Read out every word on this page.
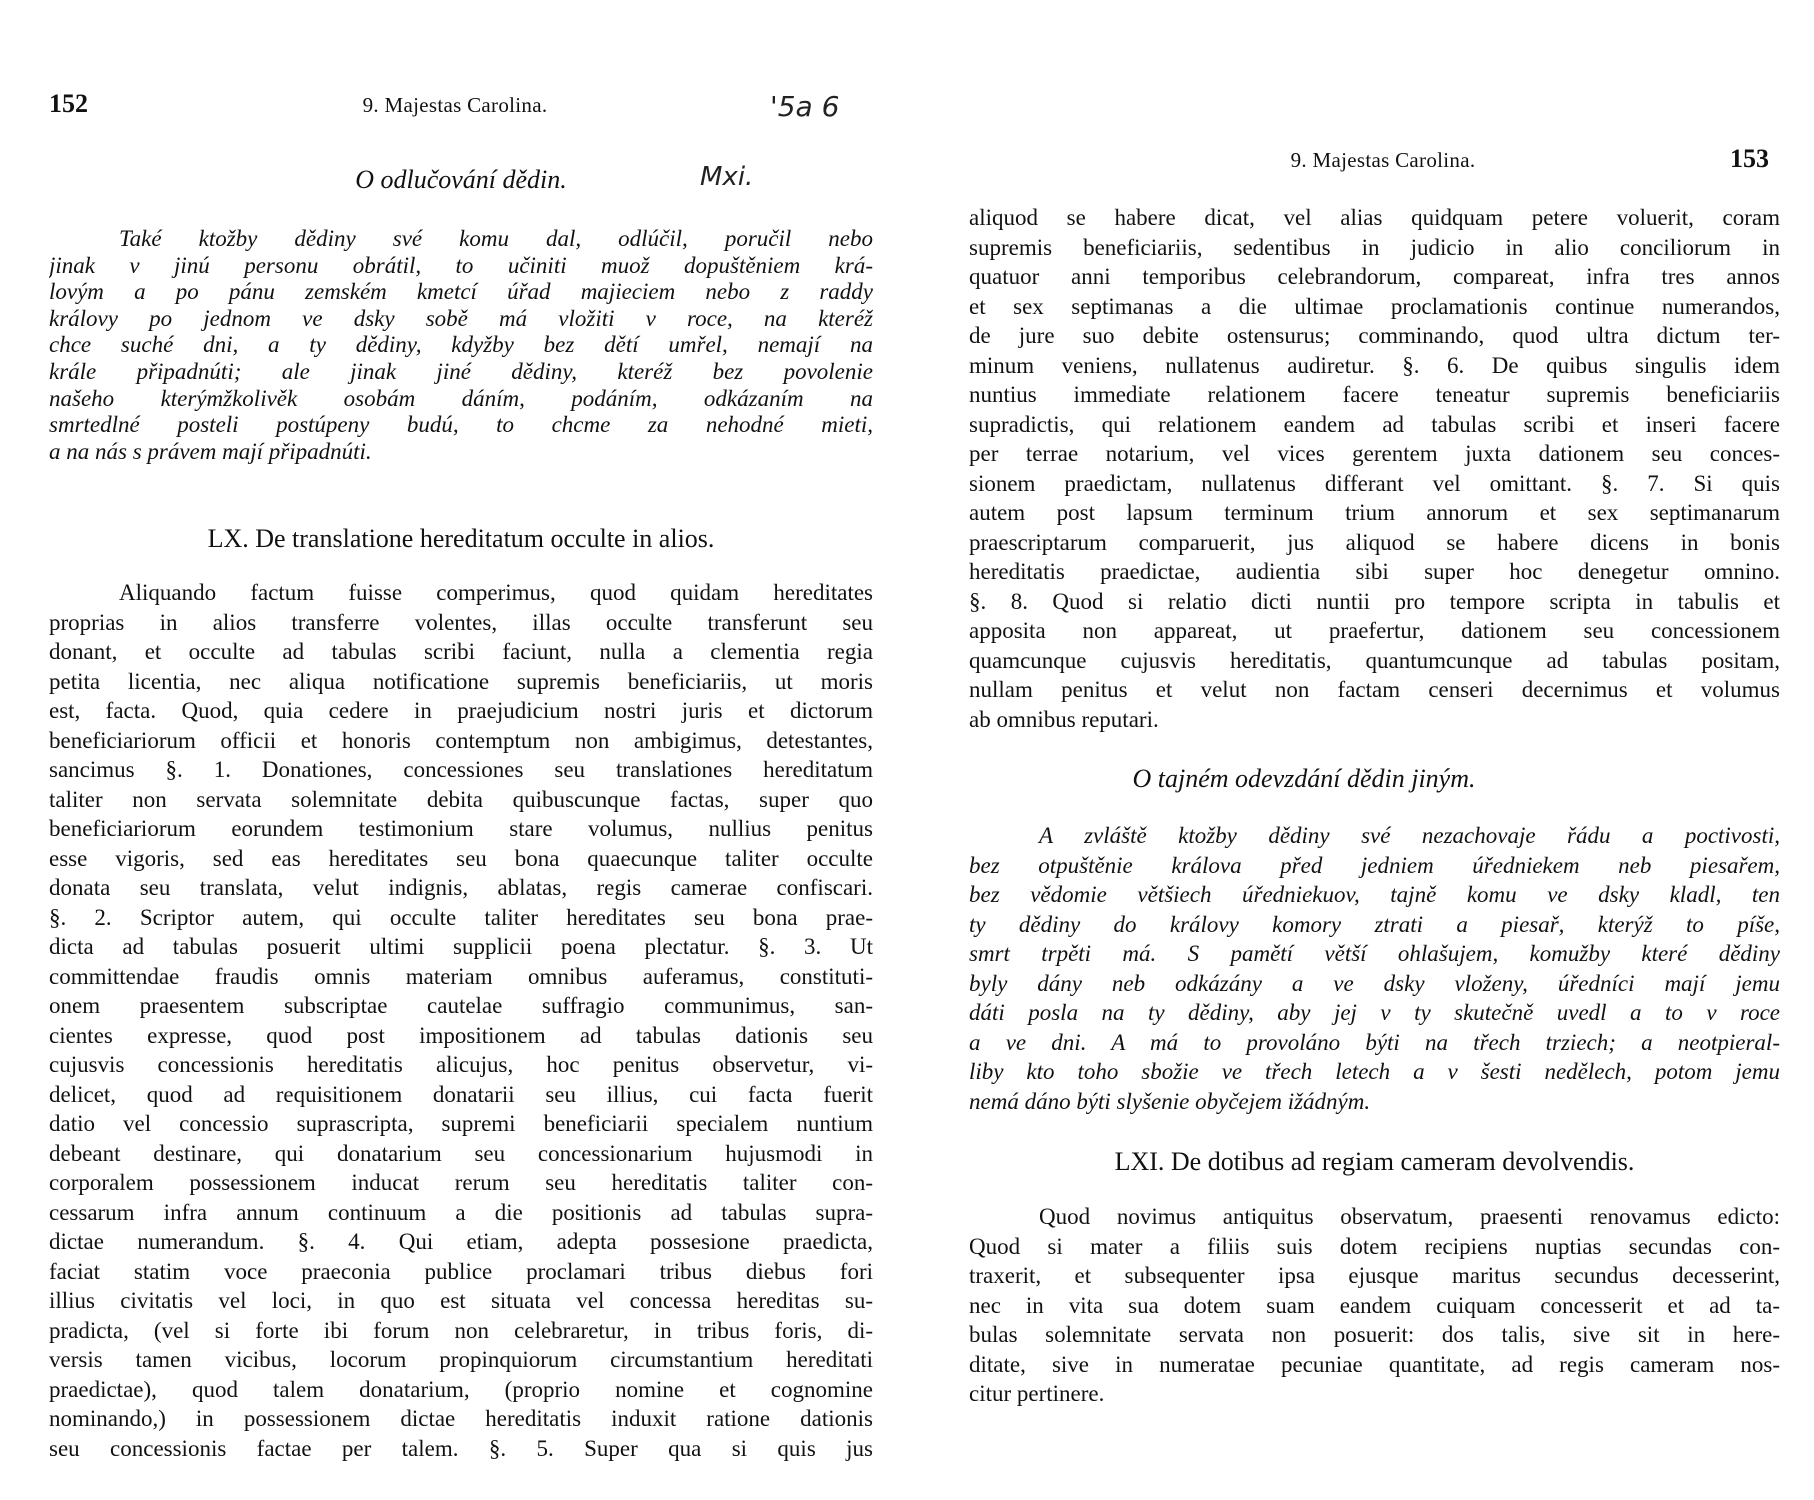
152	9. Majestas Carolina.	'5a 6
Mxi.
O odlučování dědin.
Také ktožby dědiny své komu dal, odlúčil, poručil nebo
jinak v jinú personu obrátil, to učiniti muož dopuštěniem krá-
lovým a po pánu zemském kmetcí úřad majieciem nebo z raddy
královy po jednom ve dsky sobě má vložiti v roce, na kteréž
chce suché dni, a ty dědiny, kdyžby bez dětí umřel, nemají na
krále připadnúti; ale jinak jiné dědiny, kteréž bez povolenie
našeho kterýmžkolivěk osobám dáním, podáním, odkázaním na
smrtedlné posteli postúpeny budú, to chcme za nehodné mieti,
a na nás s právem mají připadnúti.
LX. De translatione hereditatum occulte in alios.
Aliquando factum fuisse comperimus, quod quidam hereditates
proprias in alios transferre volentes, illas occulte transferunt seu
donant, et occulte ad tabulas scribi faciunt, nulla a clementia regia
petita licentia, nec aliqua notificatione supremis beneficiariis, ut moris
est, facta. Quod, quia cedere in praejudicium nostri juris et dictorum
beneficiariorum officii et honoris contemptum non ambigimus, detestantes,
sancimus §. 1. Donationes, concessiones seu translationes hereditatum
taliter non servata solemnitate debita quibuscunque factas, super quo
beneficiariorum eorundem testimonium stare volumus, nullius penitus
esse vigoris, sed eas hereditates seu bona quaecunque taliter occulte
donata seu translata, velut indignis, ablatas, regis camerae confiscari.
§. 2. Scriptor autem, qui occulte taliter hereditates seu bona prae-
dicta ad tabulas posuerit ultimi supplicii poena plectatur. §. 3. Ut
committendae fraudis omnis materiam omnibus auferamus, constituti-
onem praesentem subscriptae cautelae suffragio communimus, san-
cientes expresse, quod post impositionem ad tabulas dationis seu
cujusvis concessionis hereditatis alicujus, hoc penitus observetur, vi-
delicet, quod ad requisitionem donatarii seu illius, cui facta fuerit
datio vel concessio suprascripta, supremi beneficiarii specialem nuntium
debeant destinare, qui donatarium seu concessionarium hujusmodi in
corporalem possessionem inducat rerum seu hereditatis taliter con-
cessarum infra annum continuum a die positionis ad tabulas supra-
dictae numerandum. §. 4. Qui etiam, adepta possesione praedicta,
faciat statim voce praeconia publice proclamari tribus diebus fori
illius civitatis vel loci, in quo est situata vel concessa hereditas su-
pradicta, (vel si forte ibi forum non celebraretur, in tribus foris, di-
versis tamen vicibus, locorum propinquiorum circumstantium hereditati
praedictae), quod talem donatarium, (proprio nomine et cognomine
nominando,) in possessionem dictae hereditatis induxit ratione dationis
seu concessionis factae per talem. §. 5. Super qua si quis jus
9. Majestas Carolina.	153
aliquod se habere dicat, vel alias quidquam petere voluerit, coram
supremis beneficiariis, sedentibus in judicio in alio conciliorum in
quatuor anni temporibus celebrandorum, compareat, infra tres annos
et sex septimanas a die ultimae proclamationis continue numerandos,
de jure suo debite ostensurus; comminando, quod ultra dictum ter-
minum veniens, nullatenus audiretur. §. 6. De quibus singulis idem
nuntius immediate relationem facere teneatur supremis beneficiariis
supradictis, qui relationem eandem ad tabulas scribi et inseri facere
per terrae notarium, vel vices gerentem juxta dationem seu conces-
sionem praedictam, nullatenus differant vel omittant. §. 7. Si quis
autem post lapsum terminum trium annorum et sex septimanarum
praescriptarum comparuerit, jus aliquod se habere dicens in bonis
hereditatis praedictae, audientia sibi super hoc denegetur omnino.
§. 8. Quod si relatio dicti nuntii pro tempore scripta in tabulis et
apposita non appareat, ut praefertur, dationem seu concessionem
quamcunque cujusvis hereditatis, quantumcunque ad tabulas positam,
nullam penitus et velut non factam censeri decernimus et volumus
ab omnibus reputari.
O tajném odevzdání dědin jiným.
A zvláště ktožby dědiny své nezachovaje řádu a poctivosti,
bez otpuštěnie králova před jedniem úředniekem neb piesařem,
bez vědomie většiech úředniekuov, tajně komu ve dsky kladl, ten
ty dědiny do královy komory ztrati a piesař, kterýž to píše,
smrt trpěti má. S pamětí větší ohlašujem, komužby které dědiny
byly dány neb odkázány a ve dsky vloženy, úředníci mají jemu
dáti posla na ty dědiny, aby jej v ty skutečně uvedl a to v roce
a ve dni. A má to provoláno býti na třech trziech; a neotpieral-
liby kto toho sbožie ve třech letech a v šesti nedělech, potom jemu
nemá dáno býti slyšenie obyčejem ižádným.
LXI. De dotibus ad regiam cameram devolvendis.
Quod novimus antiquitus observatum, praesenti renovamus edicto:
Quod si mater a filiis suis dotem recipiens nuptias secundas con-
traxerit, et subsequenter ipsa ejusque maritus secundus decesserint,
nec in vita sua dotem suam eandem cuiquam concesserit et ad ta-
bulas solemnitate servata non posuerit: dos talis, sive sit in here-
ditate, sive in numeratae pecuniae quantitate, ad regis cameram nos-
citur pertinere.
